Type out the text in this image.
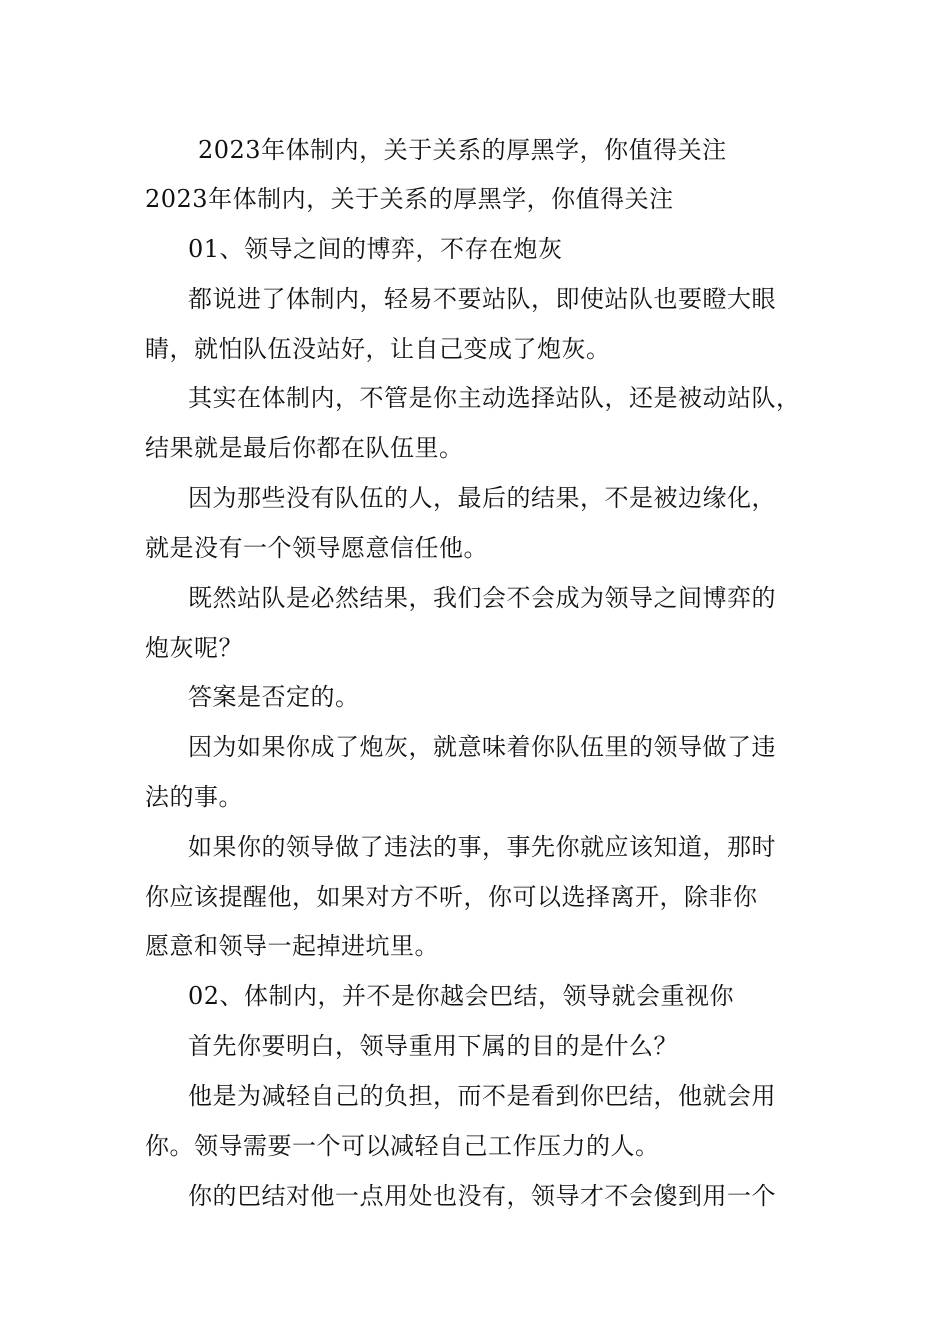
2023年体制内，关于关系的厚黑学，你值得关注
2023年体制内，关于关系的厚黑学，你值得关注
01、领导之间的博弈，不存在炮灰
都说进了体制内，轻易不要站队，即使站队也要瞪大眼
睛，就怕队伍没站好，让自己变成了炮灰。
其实在体制内，不管是你主动选择站队，还是被动站队，
结果就是最后你都在队伍里。
因为那些没有队伍的人，最后的结果，不是被边缘化，
就是没有一个领导愿意信任他。
既然站队是必然结果，我们会不会成为领导之间博弈的
炮灰呢？
答案是否定的。
因为如果你成了炮灰，就意味着你队伍里的领导做了违
法的事。
如果你的领导做了违法的事，事先你就应该知道，那时
你应该提醒他，如果对方不听，你可以选择离开，除非你
愿意和领导一起掉进坑里。
02、体制内，并不是你越会巴结，领导就会重视你
首先你要明白，领导重用下属的目的是什么？
他是为减轻自己的负担，而不是看到你巴结，他就会用
你。领导需要一个可以减轻自己工作压力的人。
你的巴结对他一点用处也没有，领导才不会傻到用一个
